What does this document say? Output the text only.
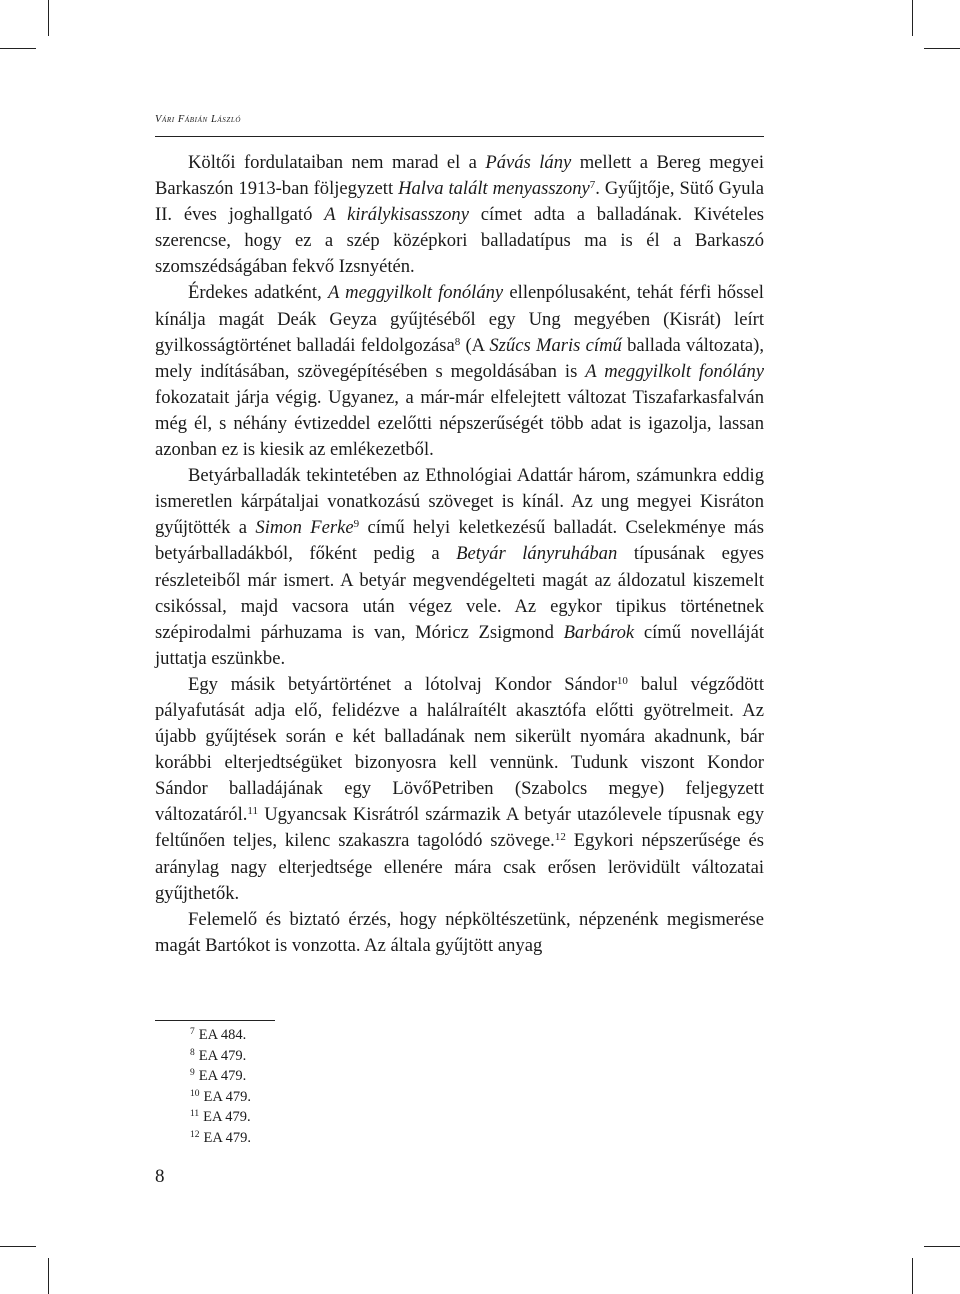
Vári Fábián László

Költői fordulataiban nem marad el a Pávás lány mellett a Bereg megyei Barkaszón 1913-ban följegyzett Halva talált menyasszony$^7$. Gyűjtője, Sütő Gyula II. éves joghallgató A királykisasszony címet adta a balladának. Kivételes szerencse, hogy ez a szép középkori balladatípus ma is él a Barkaszó szomszédságában fekvő Izsnyétén.

Érdekes adatként, A meggyilkolt fonólány ellenpólusaként, tehát férfi hőssel kínálja magát Deák Geyza gyűjtéséből egy Ung megyében (Kisrát) leírt gyilkosságtörténet balladái feldolgozása$^8$ (A Szűcs Maris című ballada változata), mely indításában, szövegépítésében s megoldásában is A meggyilkolt fonólány fokozatait járja végig. Ugyanez, a már-már elfelejtett változat Tiszafarkasfalván még él, s néhány évtizeddel ezelőtti népszerűségét több adat is igazolja, lassan azonban ez is kiesik az emlékezetből.

Betyárballadák tekintetében az Ethnológiai Adattár három, számunkra eddig ismeretlen kárpátaljai vonatkozású szöveget is kínál. Az ung megyei Kisráton gyűjtötték a Simon Ferke$^9$ című helyi keletkezésű balladát. Cselekménye más betyárballadákból, főként pedig a Betyár lányruhában típusának egyes részleteiből már ismert. A betyár megvendégelteti magát az áldozatul kiszemelt csikóssal, majd vacsora után végez vele. Az egykor tipikus történetnek szépirodalmi párhuzama is van, Móricz Zsigmond Barbárok című novelláját juttatja eszünkbe.

Egy másik betyártörténet a lótolvaj Kondor Sándor$^{10}$ balul végződött pályafutását adja elő, felidézve a halálraítélt akasztófa előtti gyötrelmeit. Az újabb gyűjtések során e két balladának nem sikerült nyomára akadnunk, bár korábbi elterjedtségüket bizonyosra kell vennünk. Tudunk viszont Kondor Sándor balladájának egy LövőPetriben (Szabolcs megye) feljegyzett változatáról.$^{11}$ Ugyancsak Kisrátról származik A betyár utazólevele típusnak egy feltűnően teljes, kilenc szakaszra tagolódó szövege.$^{12}$ Egykori népszerűsége és aránylag nagy elterjedtsége ellenére mára csak erősen lerövidült változatai gyűjthetők.

Felemelő és biztató érzés, hogy népköltészetünk, népzenénk megismerése magát Bartókot is vonzotta. Az általa gyűjtött anyag

$^7$ EA 484.
$^8$ EA 479.
$^9$ EA 479.
$^{10}$ EA 479.
$^{11}$ EA 479.
$^{12}$ EA 479.
8
